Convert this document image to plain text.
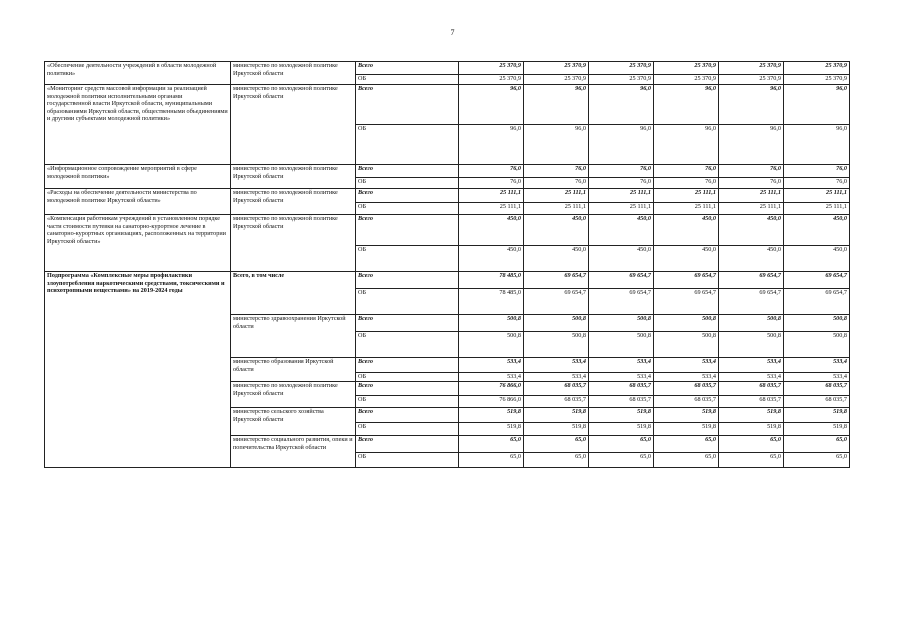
7
«Обеспечение деятельности учреждений в области молодежной политики»	министерство по молодежной политике Иркутской области	Всего	25 370,9	25 370,9	25 370,9	25 370,9	25 370,9	25 370,9
		ОБ	25 370,9	25 370,9	25 370,9	25 370,9	25 370,9	25 370,9
«Мониторинг средств массовой информации за реализацией молодежной политики исполнительными органами государственной власти Иркутской области, муниципальными образованиями Иркутской области, общественными объединениями и другими субъектами молодежной политики»	министерство по молодежной политике Иркутской области	Всего	96,0	96,0	96,0	96,0	96,0	96,0
		ОБ	96,0	96,0	96,0	96,0	96,0	96,0
«Информационное сопровождение мероприятий в сфере молодежной политики»	министерство по молодежной политике Иркутской области	Всего	76,0	76,0	76,0	76,0	76,0	76,0
		ОБ	76,0	76,0	76,0	76,0	76,0	76,0
«Расходы на обеспечение деятельности министерства по молодежной политике Иркутской области»	министерство по молодежной политике Иркутской области	Всего	25 111,1	25 111,1	25 111,1	25 111,1	25 111,1	25 111,1
		ОБ	25 111,1	25 111,1	25 111,1	25 111,1	25 111,1	25 111,1
«Компенсация работникам учреждений в установленном порядке части стоимости путевки на санаторно-курортное лечение в санаторно-курортных организациях, расположенных на территории Иркутской области»	министерство по молодежной политике Иркутской области	Всего	450,0	450,0	450,0	450,0	450,0	450,0
		ОБ	450,0	450,0	450,0	450,0	450,0	450,0
Подпрограмма «Комплексные меры профилактики злоупотребления наркотическими средствами, токсическими и психотропными веществами» на 2019-2024 годы	Всего, в том числе	Всего	78 485,0	69 654,7	69 654,7	69 654,7	69 654,7	69 654,7
		ОБ	78 485,0	69 654,7	69 654,7	69 654,7	69 654,7	69 654,7
	министерство здравоохранения Иркутской области	Всего	500,8	500,8	500,8	500,8	500,8	500,8
		ОБ	500,8	500,8	500,8	500,8	500,8	500,8
	министерство образования Иркутской области	Всего	533,4	533,4	533,4	533,4	533,4	533,4
		ОБ	533,4	533,4	533,4	533,4	533,4	533,4
	министерство по молодежной политике Иркутской области	Всего	76 866,0	68 035,7	68 035,7	68 035,7	68 035,7	68 035,7
		ОБ	76 866,0	68 035,7	68 035,7	68 035,7	68 035,7	68 035,7
	министерство сельского хозяйства Иркутской области	Всего	519,8	519,8	519,8	519,8	519,8	519,8
		ОБ	519,8	519,8	519,8	519,8	519,8	519,8
	министерство социального развития, опеки и попечительства Иркутской области	Всего	65,0	65,0	65,0	65,0	65,0	65,0
		ОБ	65,0	65,0	65,0	65,0	65,0	65,0
